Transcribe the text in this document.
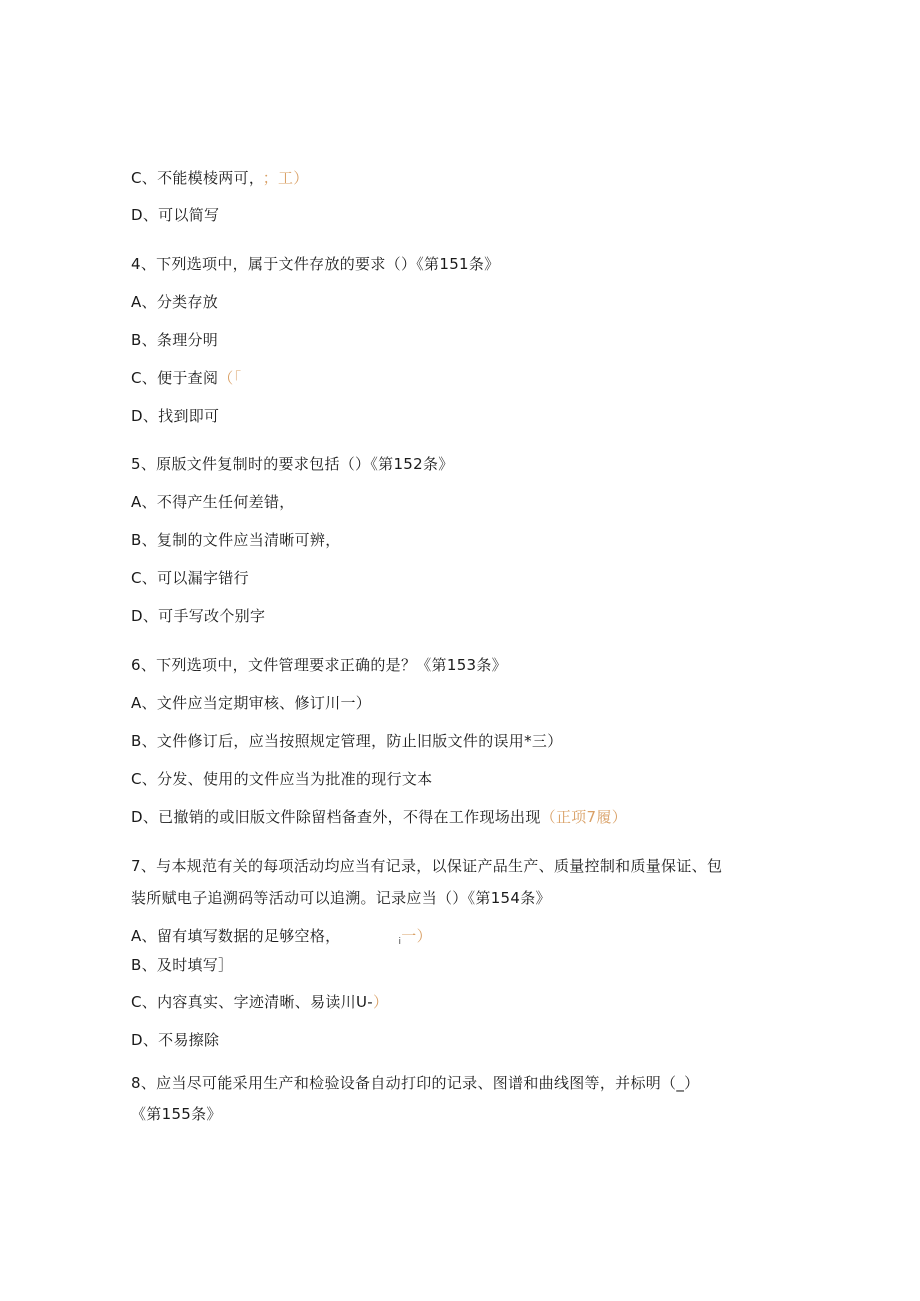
C、不能模棱两可， ；工）
D、可以简写
4、下列选项中，属于文件存放的要求（）《第151条》
A、分类存放
B、条理分明
C、便于查阅（「
D、找到即可
5、原版文件复制时的要求包括（）《第152条》
A、不得产生任何差错，
B、复制的文件应当清晰可辨，
C、可以漏字错行
D、可手写改个别字
6、下列选项中，文件管理要求正确的是？《第153条》
A、文件应当定期审核、修订川一）
B、文件修订后，应当按照规定管理，防止旧版文件的误用*三）
C、分发、使用的文件应当为批准的现行文本
D、已撤销的或旧版文件除留档备查外，不得在工作现场出现（正项7履）
7、与本规范有关的每项活动均应当有记录，以保证产品生产、质量控制和质量保证、包
装所赋电子追溯码等活动可以追溯。记录应当（）《第154条》
A、留有填写数据的足够空格，	$_i$一）
B、及时填写］
C、内容真实、字迹清晰、易读川U-）
D、不易擦除
8、应当尽可能采用生产和检验设备自动打印的记录、图谱和曲线图等，并标明（_）
《第155条》
